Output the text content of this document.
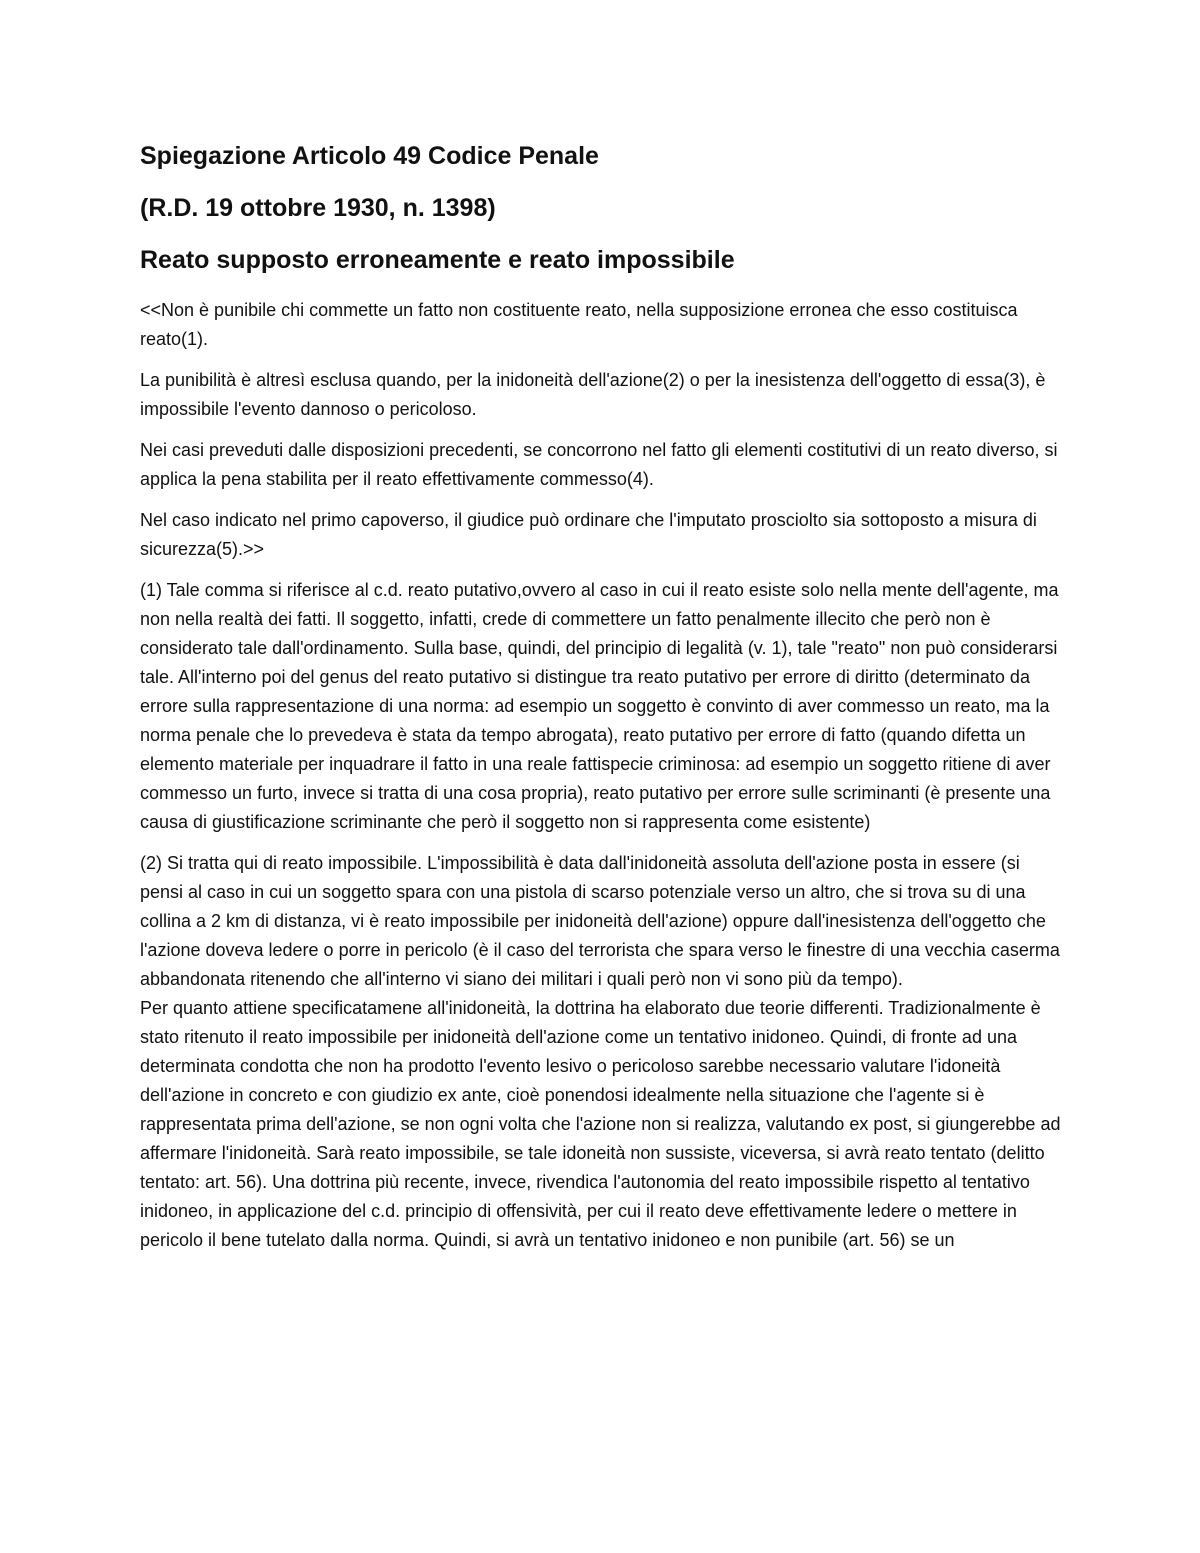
Spiegazione Articolo 49 Codice Penale
(R.D. 19 ottobre 1930, n. 1398)
Reato supposto erroneamente e reato impossibile

<<Non è punibile chi commette un fatto non costituente reato, nella supposizione erronea che esso costituisca reato(1).

La punibilità è altresì esclusa quando, per la inidoneità dell'azione(2) o per la inesistenza dell'oggetto di essa(3), è impossibile l'evento dannoso o pericoloso.

Nei casi preveduti dalle disposizioni precedenti, se concorrono nel fatto gli elementi costitutivi di un reato diverso, si applica la pena stabilita per il reato effettivamente commesso(4).

Nel caso indicato nel primo capoverso, il giudice può ordinare che l'imputato prosciolto sia sottoposto a misura di sicurezza(5).>>

(1) Tale comma si riferisce al c.d. reato putativo,ovvero al caso in cui il reato esiste solo nella mente dell'agente, ma non nella realtà dei fatti. Il soggetto, infatti, crede di commettere un fatto penalmente illecito che però non è considerato tale dall'ordinamento. Sulla base, quindi, del principio di legalità (v. 1), tale "reato" non può considerarsi tale. All'interno poi del genus del reato putativo si distingue tra reato putativo per errore di diritto (determinato da errore sulla rappresentazione di una norma: ad esempio un soggetto è convinto di aver commesso un reato, ma la norma penale che lo prevedeva è stata da tempo abrogata), reato putativo per errore di fatto (quando difetta un elemento materiale per inquadrare il fatto in una reale fattispecie criminosa: ad esempio un soggetto ritiene di aver commesso un furto, invece si tratta di una cosa propria), reato putativo per errore sulle scriminanti (è presente una causa di giustificazione scriminante che però il soggetto non si rappresenta come esistente)

(2) Si tratta qui di reato impossibile. L'impossibilità è data dall'inidoneità assoluta dell'azione posta in essere (si pensi al caso in cui un soggetto spara con una pistola di scarso potenziale verso un altro, che si trova su di una collina a 2 km di distanza, vi è reato impossibile per inidoneità dell'azione) oppure dall'inesistenza dell'oggetto che l'azione doveva ledere o porre in pericolo (è il caso del terrorista che spara verso le finestre di una vecchia caserma abbandonata ritenendo che all'interno vi siano dei militari i quali però non vi sono più da tempo).

Per quanto attiene specificatamene all'inidoneità, la dottrina ha elaborato due teorie differenti. Tradizionalmente è stato ritenuto il reato impossibile per inidoneità dell'azione come un tentativo inidoneo. Quindi, di fronte ad una determinata condotta che non ha prodotto l'evento lesivo o pericoloso sarebbe necessario valutare l'idoneità dell'azione in concreto e con giudizio ex ante, cioè ponendosi idealmente nella situazione che l'agente si è rappresentata prima dell'azione, se non ogni volta che l'azione non si realizza, valutando ex post, si giungerebbe ad affermare l'inidoneità. Sarà reato impossibile, se tale idoneità non sussiste, viceversa, si avrà reato tentato (delitto tentato: art. 56). Una dottrina più recente, invece, rivendica l'autonomia del reato impossibile rispetto al tentativo inidoneo, in applicazione del c.d. principio di offensività, per cui il reato deve effettivamente ledere o mettere in pericolo il bene tutelato dalla norma. Quindi, si avrà un tentativo inidoneo e non punibile (art. 56) se un
